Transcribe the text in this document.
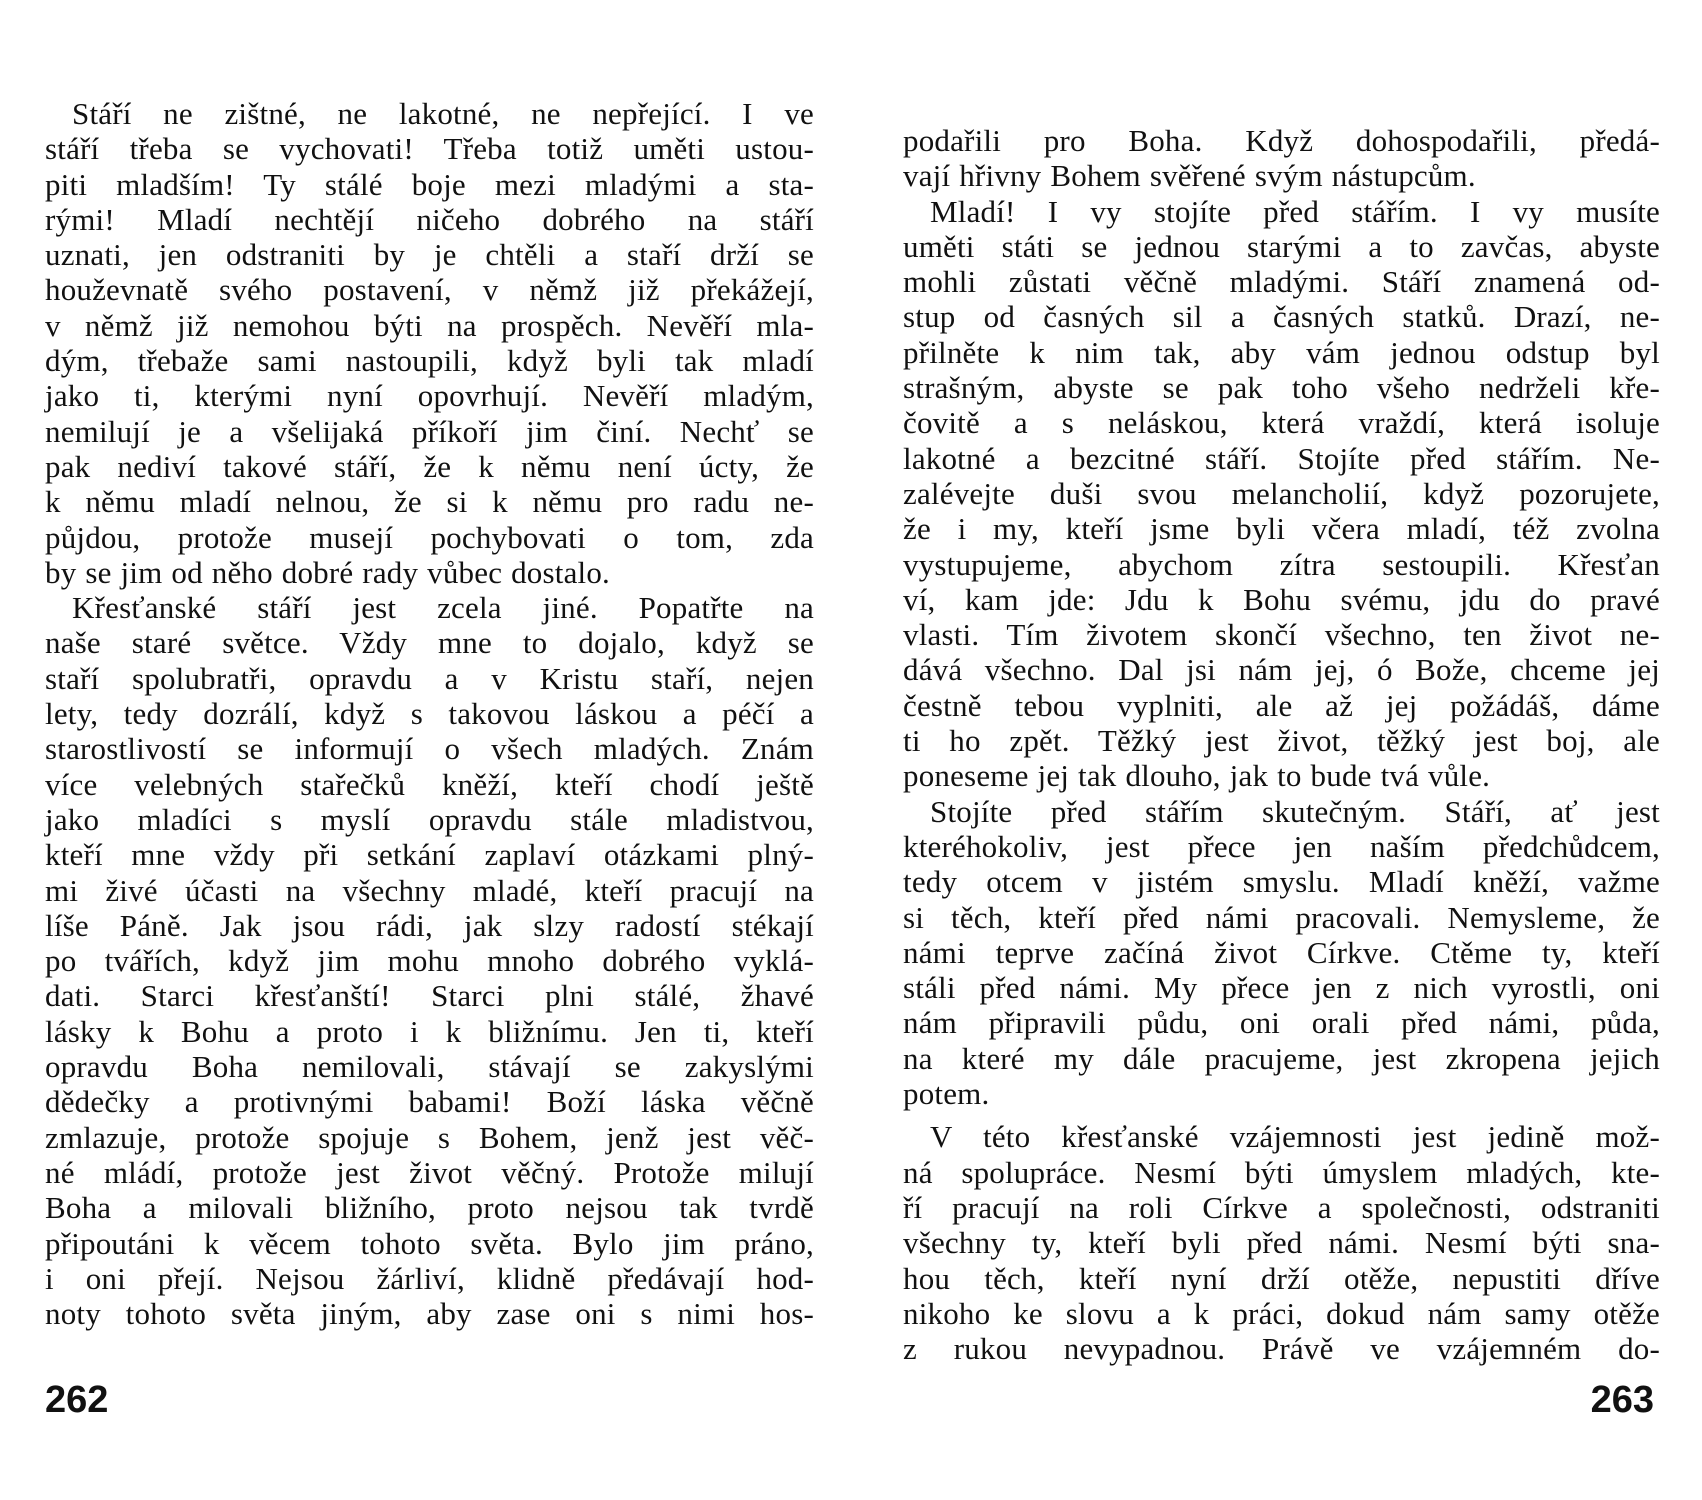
Stáří ne zištné, ne lakotné, ne nepřející. I ve
stáří třeba se vychovati! Třeba totiž uměti ustou-
piti mladším! Ty stálé boje mezi mladými a sta-
rými! Mladí nechtějí ničeho dobrého na stáří
uznati, jen odstraniti by je chtěli a staří drží se
houževnatě svého postavení, v němž již překážejí,
v němž již nemohou býti na prospěch. Nevěří mla-
dým, třebaže sami nastoupili, když byli tak mladí
jako ti, kterými nyní opovrhují. Nevěří mladým,
nemilují je a všelijaká příkoří jim činí. Nechť se
pak nediví takové stáří, že k němu není úcty, že
k němu mladí nelnou, že si k němu pro radu ne-
půjdou, protože musejí pochybovati o tom, zda
by se jim od něho dobré rady vůbec dostalo.
Křesťanské stáří jest zcela jiné. Popatřte na
naše staré světce. Vždy mne to dojalo, když se
staří spolubratři, opravdu a v Kristu staří, nejen
lety, tedy dozrálí, když s takovou láskou a péčí a
starostlivostí se informují o všech mladých. Znám
více velebných stařečků kněží, kteří chodí ještě
jako mladíci s myslí opravdu stále mladistvou,
kteří mne vždy při setkání zaplaví otázkami plný-
mi živé účasti na všechny mladé, kteří pracují na
líše Páně. Jak jsou rádi, jak slzy radostí stékají
po tvářích, když jim mohu mnoho dobrého vyklá-
dati. Starci křesťanští! Starci plni stálé, žhavé
lásky k Bohu a proto i k bližnímu. Jen ti, kteří
opravdu Boha nemilovali, stávají se zakyslými
dědečky a protivnými babami! Boží láska věčně
zmlazuje, protože spojuje s Bohem, jenž jest věč-
né mládí, protože jest život věčný. Protože milují
Boha a milovali bližního, proto nejsou tak tvrdě
připoutáni k věcem tohoto světa. Bylo jim práno,
i oni přejí. Nejsou žárliví, klidně předávají hod-
noty tohoto světa jiným, aby zase oni s nimi hos-
262
podařili pro Boha. Když dohospodařili, předá-
vají hřivny Bohem svěřené svým nástupcům.
Mladí! I vy stojíte před stářím. I vy musíte
uměti státi se jednou starými a to zavčas, abyste
mohli zůstati věčně mladými. Stáří znamená od-
stup od časných sil a časných statků. Drazí, ne-
přilněte k nim tak, aby vám jednou odstup byl
strašným, abyste se pak toho všeho nedrželi kře-
čovitě a s neláskou, která vraždí, která isoluje
lakotné a bezcitné stáří. Stojíte před stářím. Ne-
zalévejte duši svou melancholií, když pozorujete,
že i my, kteří jsme byli včera mladí, též zvolna
vystupujeme, abychom zítra sestoupili. Křesťan
ví, kam jde: Jdu k Bohu svému, jdu do pravé
vlasti. Tím životem skončí všechno, ten život ne-
dává všechno. Dal jsi nám jej, ó Bože, chceme jej
čestně tebou vyplniti, ale až jej požádáš, dáme
ti ho zpět. Těžký jest život, těžký jest boj, ale
poneseme jej tak dlouho, jak to bude tvá vůle.
Stojíte před stářím skutečným. Stáří, ať jest
kteréhokoliv, jest přece jen naším předchůdcem,
tedy otcem v jistém smyslu. Mladí kněží, važme
si těch, kteří před námi pracovali. Nemysleme, že
námi teprve začíná život Církve. Ctěme ty, kteří
stáli před námi. My přece jen z nich vyrostli, oni
nám připravili půdu, oni orali před námi, půda,
na které my dále pracujeme, jest zkropena jejich
potem.
V této křesťanské vzájemnosti jest jedině mož-
ná spolupráce. Nesmí býti úmyslem mladých, kte-
ří pracují na roli Církve a společnosti, odstraniti
všechny ty, kteří byli před námi. Nesmí býti sna-
hou těch, kteří nyní drží otěže, nepustiti dříve
nikoho ke slovu a k práci, dokud nám samy otěže
z rukou nevypadnou. Právě ve vzájemném do-
263
